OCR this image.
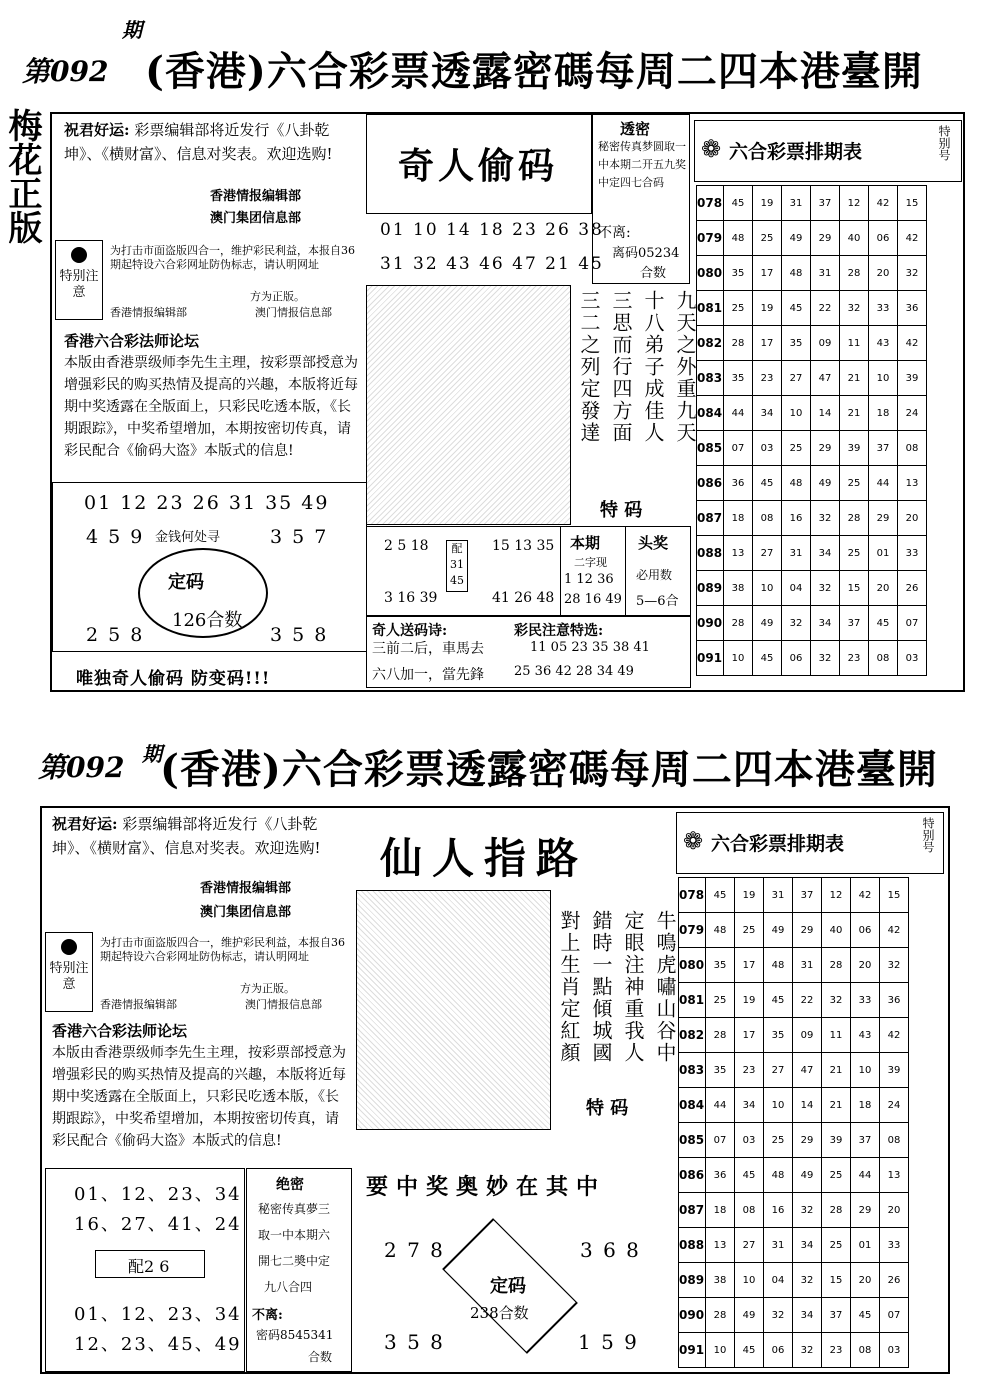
第092
期
(香港)六合彩票透露密碼每周二四本港臺開
梅花正版 祝君好运: 彩票编辑部将近发行《八卦乾坤》、《横财富》、信息对奖表。欢迎选购!
香港情报编辑部
澳门集团信息部
特别注意
为打击市面盗版四合一，维护彩民利益，本报自36期起特设六合彩网址防伪标志，请认明网址
方为正版。
香港情报编辑部	澳门情报信息部
香港六合彩法师论坛
本版由香港票级师李先生主理，按彩票部授意为增强彩民的购买热情及提高的兴趣，本版将近每期中奖透露在全版面上，只彩民吃透本版，《长期跟踪》，中奖希望增加，本期按密切传真，请彩民配合《偷码大盗》本版式的信息!
01 12 23 26 31 35 49
4 5 9	3 5 7
金钱何处寻
定码
126合数
2 5 8	3 5 8
唯独奇人偷码 防变码!!!
奇人偷码
01 10 14 18 23 26 38
31 32 43 46 47 21 45
九天之外重九天
十八弟子成佳人
三思而行四方面
三二之列定發達
特 码
透密
秘密传真梦圆取一中本期二开五九奖中定四七合码
不离:
离码05234
合数
2 5 18
3 16 39
配 31 45
15 13 35
41 26 48
本期
二字现
1 12 36
28 16 49
头奖
必用数
5—6合
奇人送码诗:
三前二后，車馬去
六八加一，當先鋒
彩民注意特选:
11 05 23 35 38 41
25 36 42 28 34 49
❁ 六合彩票排期表	特别号
078	45	19	31	37	12	42	15
079	48	25	49	29	40	06	42
080	35	17	48	31	28	20	32
081	25	19	45	22	32	33	36
082	28	17	35	09	11	43	42
083	35	23	27	47	21	10	39
084	44	34	10	14	21	18	24
085	07	03	25	29	39	37	08
086	36	45	48	49	25	44	13
087	18	08	16	32	28	29	20
088	13	27	31	34	25	01	33
089	38	10	04	32	15	20	26
090	28	49	32	34	37	45	07
091	10	45	06	32	23	08	03
第092 期
(香港)六合彩票透露密碼每周二四本港臺開
祝君好运: 彩票编辑部将近发行《八卦乾坤》、《横财富》、信息对奖表。欢迎选购!
香港情报编辑部
澳门集团信息部
特别注意
为打击市面盗版四合一，维护彩民利益，本报自36期起特设六合彩网址防伪标志，请认明网址
方为正版。
香港情报编辑部	澳门情报信息部
香港六合彩法师论坛
本版由香港票级师李先生主理，按彩票部授意为增强彩民的购买热情及提高的兴趣，本版将近每期中奖透露在全版面上，只彩民吃透本版，《长期跟踪》，中奖希望增加，本期按密切传真，请彩民配合《偷码大盗》本版式的信息!
01、12、23、34
16、27、41、24
配2 6
01、12、23、34
12、23、45、49
绝密
秘密传真夢三
取一中本期六
開七二奬中定
九八合四
不离:
密码8545341
合数
仙人指路
牛鳴虎嘯山谷中
定眼注神重我人
錯時一點傾城國
對上生肖定紅顏
特 码
要中奖奥妙在其中
2 7 8	3 6 8
定码
238合数
3 5 8	1 5 9
❁ 六合彩票排期表	特别号
078	45	19	31	37	12	42	15
079	48	25	49	29	40	06	42
080	35	17	48	31	28	20	32
081	25	19	45	22	32	33	36
082	28	17	35	09	11	43	42
083	35	23	27	47	21	10	39
084	44	34	10	14	21	18	24
085	07	03	25	29	39	37	08
086	36	45	48	49	25	44	13
087	18	08	16	32	28	29	20
088	13	27	31	34	25	01	33
089	38	10	04	32	15	20	26
090	28	49	32	34	37	45	07
091	10	45	06	32	23	08	03
